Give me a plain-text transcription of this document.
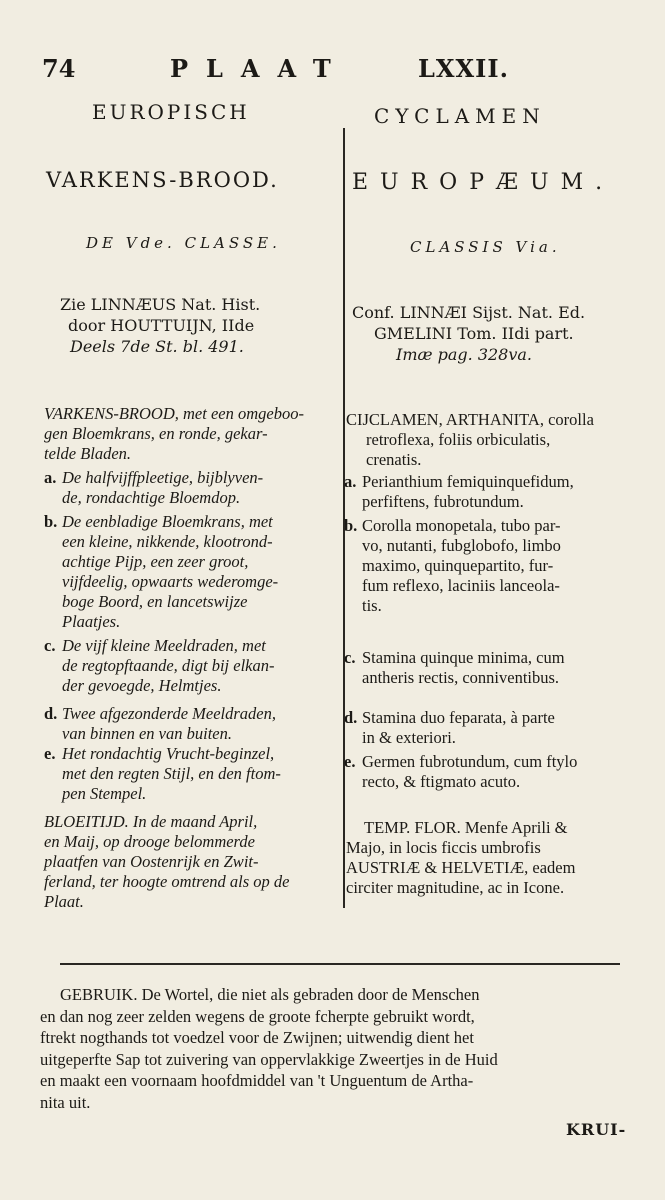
74	PLAAT	LXXII.
EUROPISCH
VARKENS-BROOD.
DE Vde. CLASSE.
CYCLAMEN
EUROPÆUM.
CLASSIS Via.
Zie LINNÆUS Nat. Hist.
door HOUTTUIJN, IIde
Deels 7de St. bl. 491.
Conf. LINNÆI Sijst. Nat. Ed.
GMELINI Tom. IIdi part.
Imæ pag. 328va.
VARKENS-BROOD, met een omgeboo-
gen Bloemkrans, en ronde, gekar-
telde Bladen.
a. De halfvijffpleetige, bijblyven-
de, rondachtige Bloemdop.
b. De eenbladige Bloemkrans, met
een kleine, nikkende, klootrond-
achtige Pijp, een zeer groot,
vijfdeelig, opwaarts wederomge-
boge Boord, en lancetswijze
Plaatjes.
c. De vijf kleine Meeldraden, met
de regtopftaande, digt bij elkan-
der gevoegde, Helmtjes.
d. Twee afgezonderde Meeldraden,
van binnen en van buiten.
e. Het rondachtig Vrucht-beginzel,
met den regten Stijl, en den ftom-
pen Stempel.
BLOEITIJD. In de maand April,
en Maij, op drooge belommerde
plaatfen van Oostenrijk en Zwit-
ferland, ter hoogte omtrend als op de
Plaat.
CIJCLAMEN, ARTHANITA, corolla
retroflexa, foliis orbiculatis,
crenatis.
a. Perianthium femiquinquefidum,
perfiftens, fubrotundum.
b. Corolla monopetala, tubo par-
vo, nutanti, fubglobofo, limbo
maximo, quinquepartito, fur-
fum reflexo, laciniis lanceola-
tis.
c. Stamina quinque minima, cum
antheris rectis, conniventibus.
d. Stamina duo feparata, à parte
in & exteriori.
e. Germen fubrotundum, cum ftylo
recto, & ftigmato acuto.
TEMP. FLOR. Menfe Aprili &
Majo, in locis ficcis umbrofis
AUSTRIÆ & HELVETIÆ, eadem
circiter magnitudine, ac in Icone.
GEBRUIK. De Wortel, die niet als gebraden door de Menschen
en dan nog zeer zelden wegens de groote fcherpte gebruikt wordt,
ftrekt nogthands tot voedzel voor de Zwijnen; uitwendig dient het
uitgeperfte Sap tot zuivering van oppervlakkige Zweertjes in de Huid
en maakt een voornaam hoofdmiddel van 't Unguentum de Artha-
nita uit.
KRUI-
